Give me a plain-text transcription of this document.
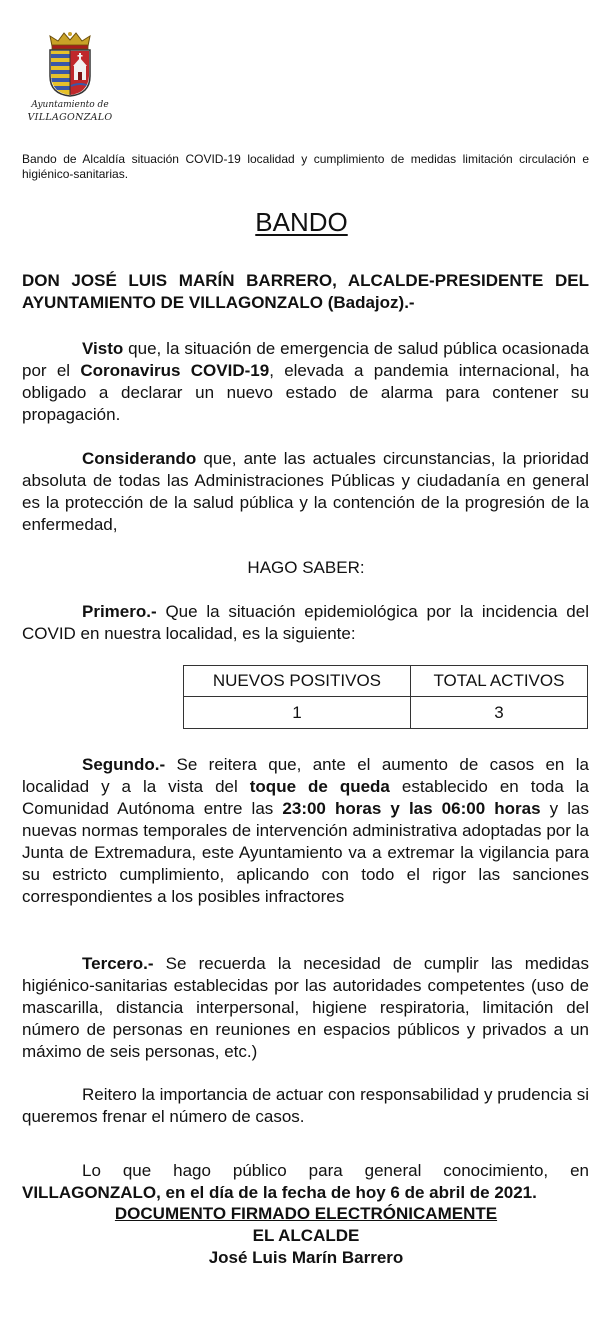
Ayuntamiento de
VILLAGONZALO
Bando de Alcaldía situación COVID-19 localidad y cumplimiento de medidas limitación circulación e higiénico-sanitarias.
BANDO
DON JOSÉ LUIS MARÍN BARRERO, ALCALDE-PRESIDENTE DEL AYUNTAMIENTO DE VILLAGONZALO (Badajoz).-
Visto que, la situación de emergencia de salud pública ocasionada por el Coronavirus COVID-19, elevada a pandemia internacional, ha obligado a declarar un nuevo estado de alarma para contener su propagación.
Considerando que, ante las actuales circunstancias, la prioridad absoluta de todas las Administraciones Públicas y ciudadanía en general es la protección de la salud pública y la contención de la progresión de la enfermedad,
HAGO SABER:
Primero.- Que la situación epidemiológica por la incidencia del COVID en nuestra localidad, es la siguiente:
NUEVOS POSITIVOS	TOTAL ACTIVOS
1	3
Segundo.- Se reitera que, ante el aumento de casos en la localidad y a la vista del toque de queda establecido en toda la Comunidad Autónoma entre las 23:00 horas y las 06:00 horas y las nuevas normas temporales de intervención administrativa adoptadas por la Junta de Extremadura, este Ayuntamiento va a extremar la vigilancia para su estricto cumplimiento, aplicando con todo el rigor las sanciones correspondientes a los posibles infractores
Tercero.- Se recuerda la necesidad de cumplir las medidas higiénico-sanitarias establecidas por las autoridades competentes (uso de mascarilla, distancia interpersonal, higiene respiratoria, limitación del número de personas en reuniones en espacios públicos y privados a un máximo de seis personas, etc.)
Reitero la importancia de actuar con responsabilidad y prudencia si queremos frenar el número de casos.
Lo que hago público para general conocimiento, en
VILLAGONZALO, en el día de la fecha de hoy 6 de abril de 2021.
DOCUMENTO FIRMADO ELECTRÓNICAMENTE
EL ALCALDE
José Luis Marín Barrero
